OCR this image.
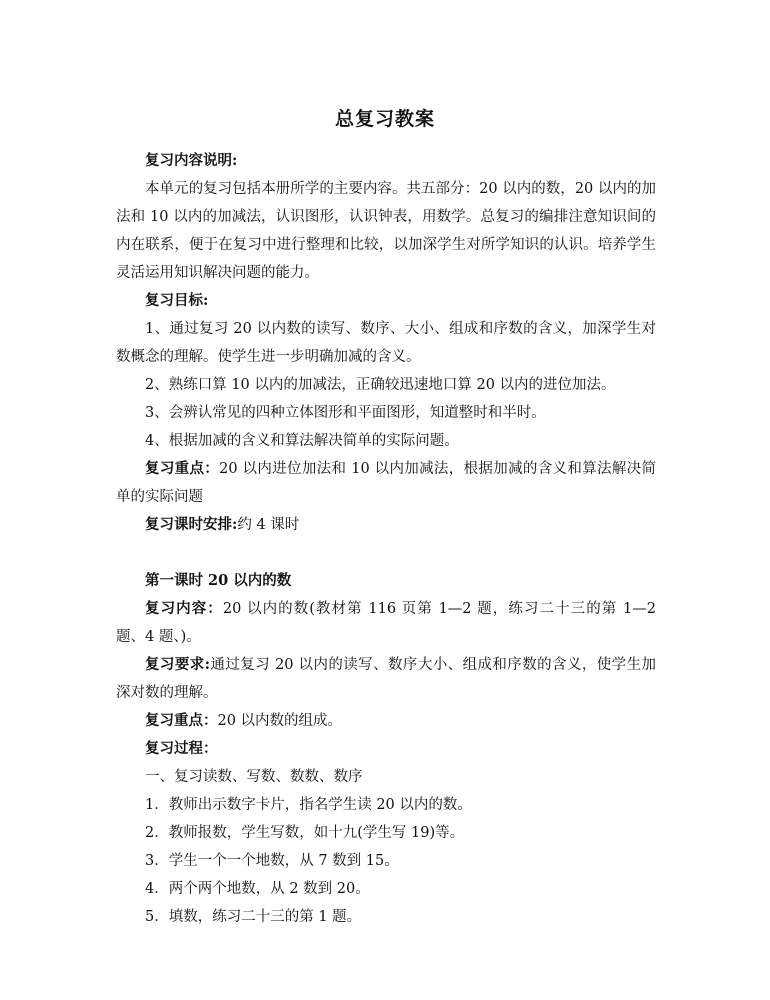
总复习教案

复习内容说明:

本单元的复习包括本册所学的主要内容。共五部分：20 以内的数，20 以内的加法和 10 以内的加减法，认识图形，认识钟表，用数学。总复习的编排注意知识间的内在联系，便于在复习中进行整理和比较，以加深学生对所学知识的认识。培养学生灵活运用知识解决问题的能力。

复习目标:

1、通过复习 20 以内数的读写、数序、大小、组成和序数的含义，加深学生对数概念的理解。使学生进一步明确加减的含义。

2、熟练口算 10 以内的加减法，正确较迅速地口算 20 以内的进位加法。

3、会辨认常见的四种立体图形和平面图形，知道整时和半时。

4、根据加减的含义和算法解决简单的实际问题。

复习重点：20 以内进位加法和 10 以内加减法，根据加减的含义和算法解决简单的实际问题

复习课时安排:约 4 课时

第一课时 20 以内的数

复习内容：20 以内的数(教材第 116 页第 1—2 题，练习二十三的第 1—2 题、4 题、)。

复习要求:通过复习 20 以内的读写、数序大小、组成和序数的含义，使学生加深对数的理解。

复习重点：20 以内数的组成。

复习过程：

一、复习读数、写数、数数、数序

1．教师出示数字卡片，指名学生读 20 以内的数。

2．教师报数，学生写数，如十九(学生写 19)等。

3．学生一个一个地数，从 7 数到 15。

4．两个两个地数，从 2 数到 20。

5．填数，练习二十三的第 1 题。
